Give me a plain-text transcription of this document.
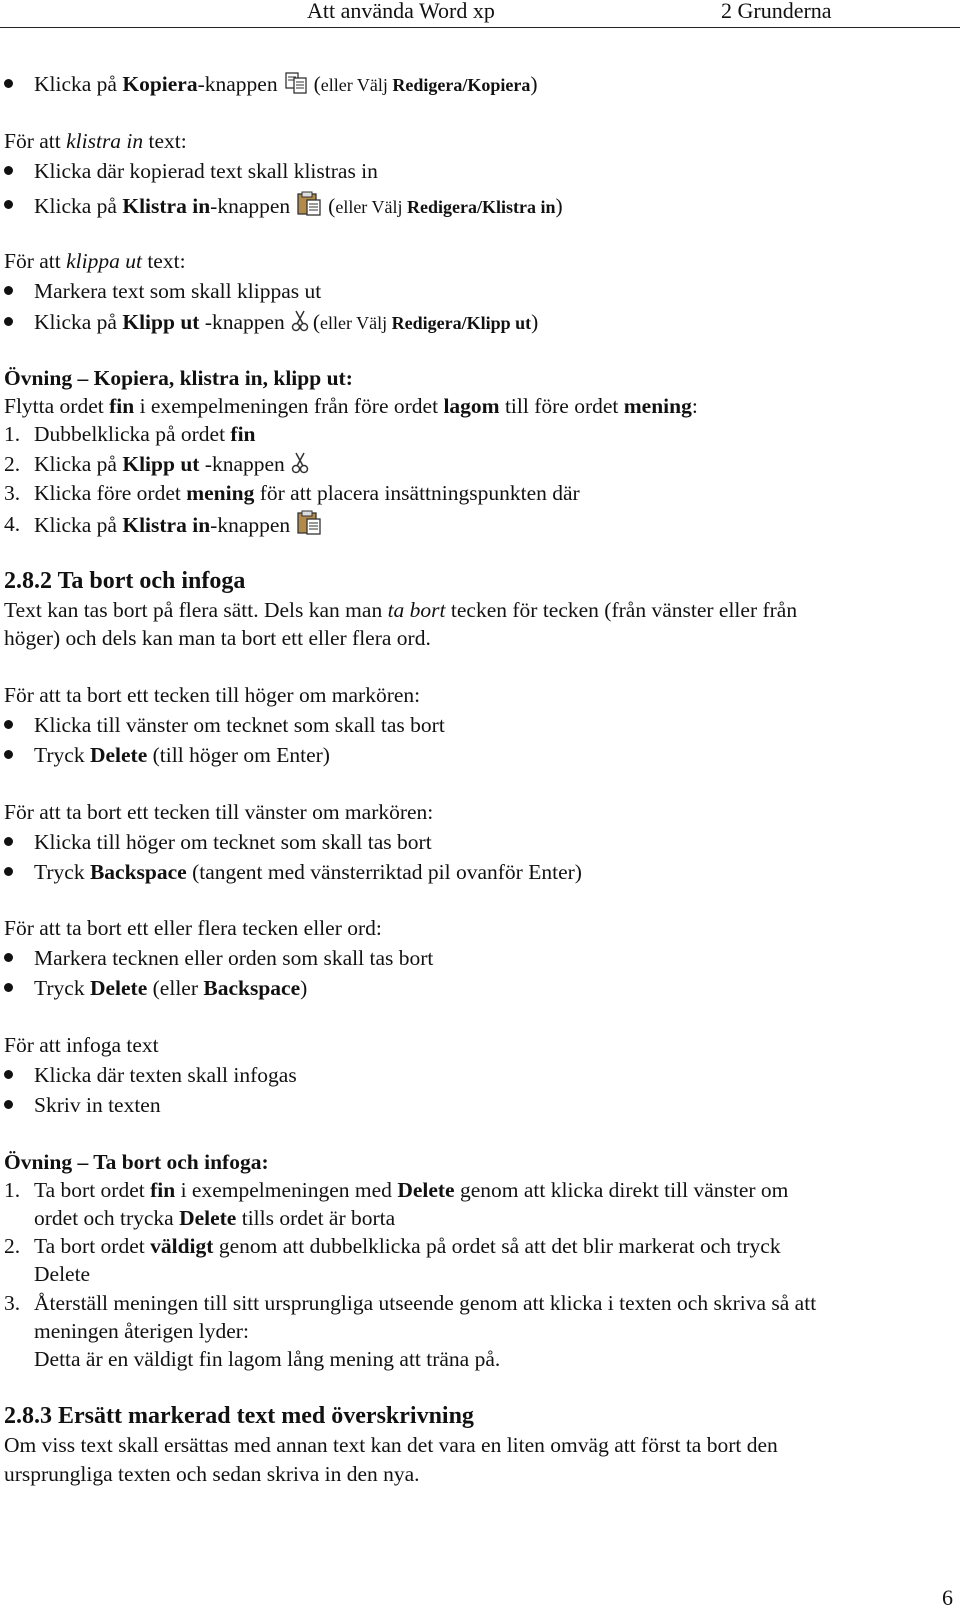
Att använda Word xp	2 Grunderna
Klicka på Kopiera-knappen (eller Välj Redigera/Kopiera)
För att klistra in text:
Klicka där kopierad text skall klistras in
Klicka på Klistra in-knappen (eller Välj Redigera/Klistra in)
För att klippa ut text:
Markera text som skall klippas ut
Klicka på Klipp ut -knappen (eller Välj Redigera/Klipp ut)
Övning – Kopiera, klistra in, klipp ut:
Flytta ordet fin i exempelmeningen från före ordet lagom till före ordet mening:
1. Dubbelklicka på ordet fin
2. Klicka på Klipp ut -knappen
3. Klicka före ordet mening för att placera insättningspunkten där
4. Klicka på Klistra in-knappen
2.8.2 Ta bort och infoga
Text kan tas bort på flera sätt. Dels kan man ta bort tecken för tecken (från vänster eller från
höger) och dels kan man ta bort ett eller flera ord.
För att ta bort ett tecken till höger om markören:
Klicka till vänster om tecknet som skall tas bort
Tryck Delete (till höger om Enter)
För att ta bort ett tecken till vänster om markören:
Klicka till höger om tecknet som skall tas bort
Tryck Backspace (tangent med vänsterriktad pil ovanför Enter)
För att ta bort ett eller flera tecken eller ord:
Markera tecknen eller orden som skall tas bort
Tryck Delete (eller Backspace)
För att infoga text
Klicka där texten skall infogas
Skriv in texten
Övning – Ta bort och infoga:
1. Ta bort ordet fin i exempelmeningen med Delete genom att klicka direkt till vänster om
ordet och trycka Delete tills ordet är borta
2. Ta bort ordet väldigt genom att dubbelklicka på ordet så att det blir markerat och tryck
Delete
3. Återställ meningen till sitt ursprungliga utseende genom att klicka i texten och skriva så att
meningen återigen lyder:
Detta är en väldigt fin lagom lång mening att träna på.
2.8.3 Ersätt markerad text med överskrivning
Om viss text skall ersättas med annan text kan det vara en liten omväg att först ta bort den
ursprungliga texten och sedan skriva in den nya.
6
